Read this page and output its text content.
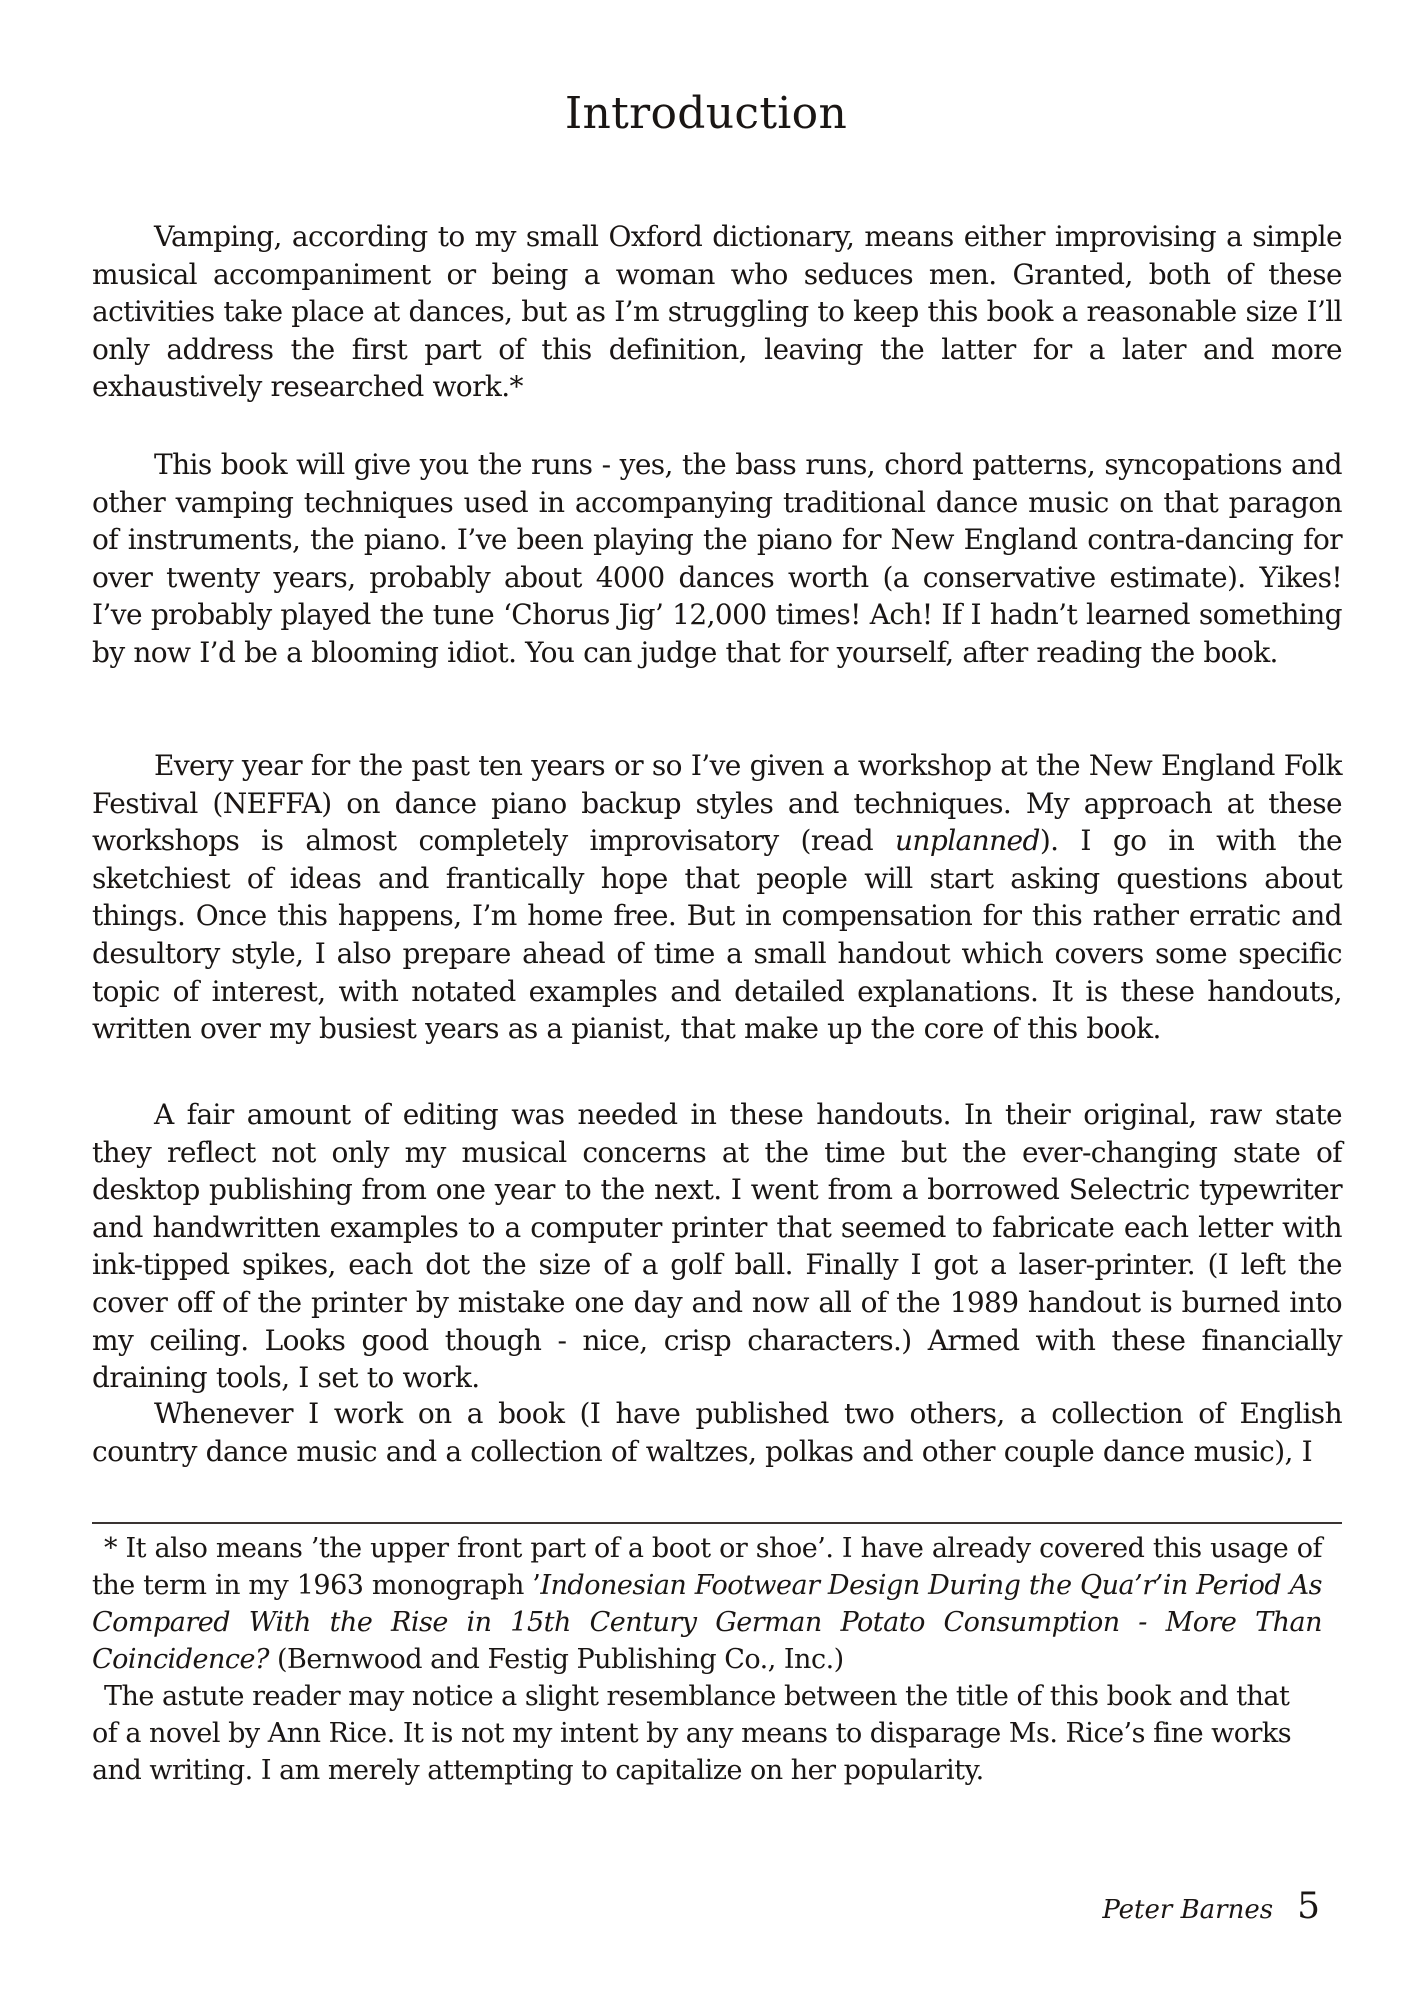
Introduction

Vamping, according to my small Oxford dictionary, means either improvising a simple musical accompaniment or being a woman who seduces men. Granted, both of these activities take place at dances, but as I’m struggling to keep this book a reasonable size I’ll only address the first part of this definition, leaving the latter for a later and more exhaustively researched work.*

This book will give you the runs - yes, the bass runs, chord patterns, syncopations and other vamping techniques used in accompanying traditional dance music on that paragon of instruments, the piano. I’ve been playing the piano for New England contra-dancing for over twenty years, probably about 4000 dances worth (a conservative estimate). Yikes! I’ve probably played the tune ‘Chorus Jig’ 12,000 times! Ach! If I hadn’t learned something by now I’d be a blooming idiot. You can judge that for yourself, after reading the book.

Every year for the past ten years or so I’ve given a workshop at the New England Folk Festival (NEFFA) on dance piano backup styles and techniques. My approach at these workshops is almost completely improvisatory (read unplanned). I go in with the sketchiest of ideas and frantically hope that people will start asking questions about things. Once this happens, I’m home free. But in compensation for this rather erratic and desultory style, I also prepare ahead of time a small handout which covers some specific topic of interest, with notated examples and detailed explanations. It is these handouts, written over my busiest years as a pianist, that make up the core of this book.

A fair amount of editing was needed in these handouts. In their original, raw state they reflect not only my musical concerns at the time but the ever-changing state of desktop publishing from one year to the next. I went from a borrowed Selectric typewriter and handwritten examples to a computer printer that seemed to fabricate each letter with ink-tipped spikes, each dot the size of a golf ball. Finally I got a laser-printer. (I left the cover off of the printer by mistake one day and now all of the 1989 handout is burned into my ceiling. Looks good though - nice, crisp characters.) Armed with these financially draining tools, I set to work.

Whenever I work on a book (I have published two others, a collection of English country dance music and a collection of waltzes, polkas and other couple dance music), I

* It also means ’the upper front part of a boot or shoe’. I have already covered this usage of the term in my 1963 monograph ’Indonesian Footwear Design During the Qua’r’in Period As Compared With the Rise in 15th Century German Potato Consumption - More Than Coincidence? (Bernwood and Festig Publishing Co., Inc.)

The astute reader may notice a slight resemblance between the title of this book and that of a novel by Ann Rice. It is not my intent by any means to disparage Ms. Rice’s fine works and writing. I am merely attempting to capitalize on her popularity.

Peter Barnes 5
